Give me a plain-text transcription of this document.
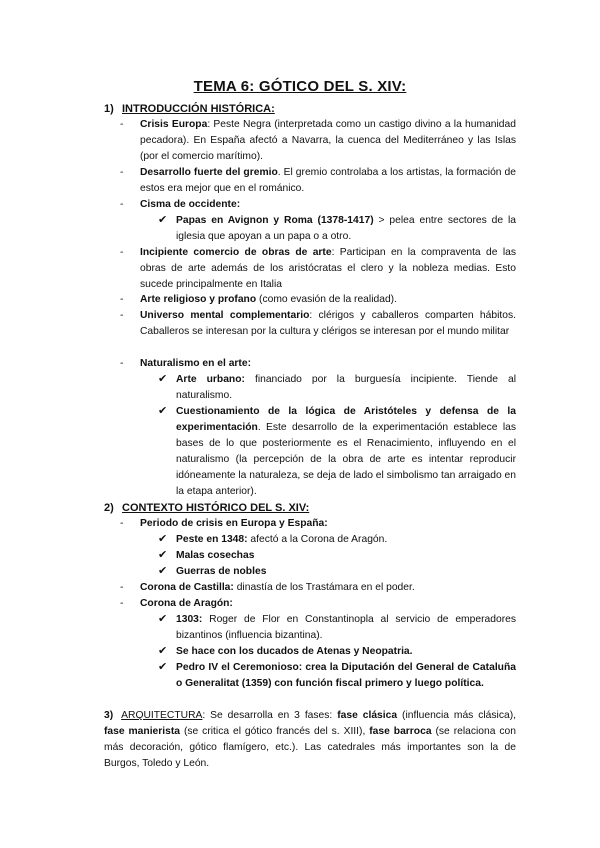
TEMA 6: GÓTICO DEL S. XIV:
1) INTRODUCCIÓN HISTÓRICA:
- Crisis Europa: Peste Negra (interpretada como un castigo divino a la humanidad pecadora). En España afectó a Navarra, la cuenca del Mediterráneo y las Islas (por el comercio marítimo).
- Desarrollo fuerte del gremio. El gremio controlaba a los artistas, la formación de estos era mejor que en el románico.
- Cisma de occidente:
✔ Papas en Avignon y Roma (1378-1417) > pelea entre sectores de la iglesia que apoyan a un papa o a otro.
- Incipiente comercio de obras de arte: Participan en la compraventa de las obras de arte además de los aristócratas el clero y la nobleza medias. Esto sucede principalmente en Italia
- Arte religioso y profano (como evasión de la realidad).
- Universo mental complementario: clérigos y caballeros comparten hábitos. Caballeros se interesan por la cultura y clérigos se interesan por el mundo militar
- Naturalismo en el arte:
✔ Arte urbano: financiado por la burguesía incipiente. Tiende al naturalismo.
✔ Cuestionamiento de la lógica de Aristóteles y defensa de la experimentación. Este desarrollo de la experimentación establece las bases de lo que posteriormente es el Renacimiento, influyendo en el naturalismo (la percepción de la obra de arte es intentar reproducir idóneamente la naturaleza, se deja de lado el simbolismo tan arraigado en la etapa anterior).
2) CONTEXTO HISTÓRICO DEL S. XIV:
- Periodo de crisis en Europa y España:
✔ Peste en 1348: afectó a la Corona de Aragón.
✔ Malas cosechas
✔ Guerras de nobles
- Corona de Castilla: dinastía de los Trastámara en el poder.
- Corona de Aragón:
✔ 1303: Roger de Flor en Constantinopla al servicio de emperadores bizantinos (influencia bizantina).
✔ Se hace con los ducados de Atenas y Neopatria.
✔ Pedro IV el Ceremonioso: crea la Diputación del General de Cataluña o Generalitat (1359) con función fiscal primero y luego política.
3) ARQUITECTURA: Se desarrolla en 3 fases: fase clásica (influencia más clásica), fase manierista (se critica el gótico francés del s. XIII), fase barroca (se relaciona con más decoración, gótico flamígero, etc.). Las catedrales más importantes son la de Burgos, Toledo y León.
